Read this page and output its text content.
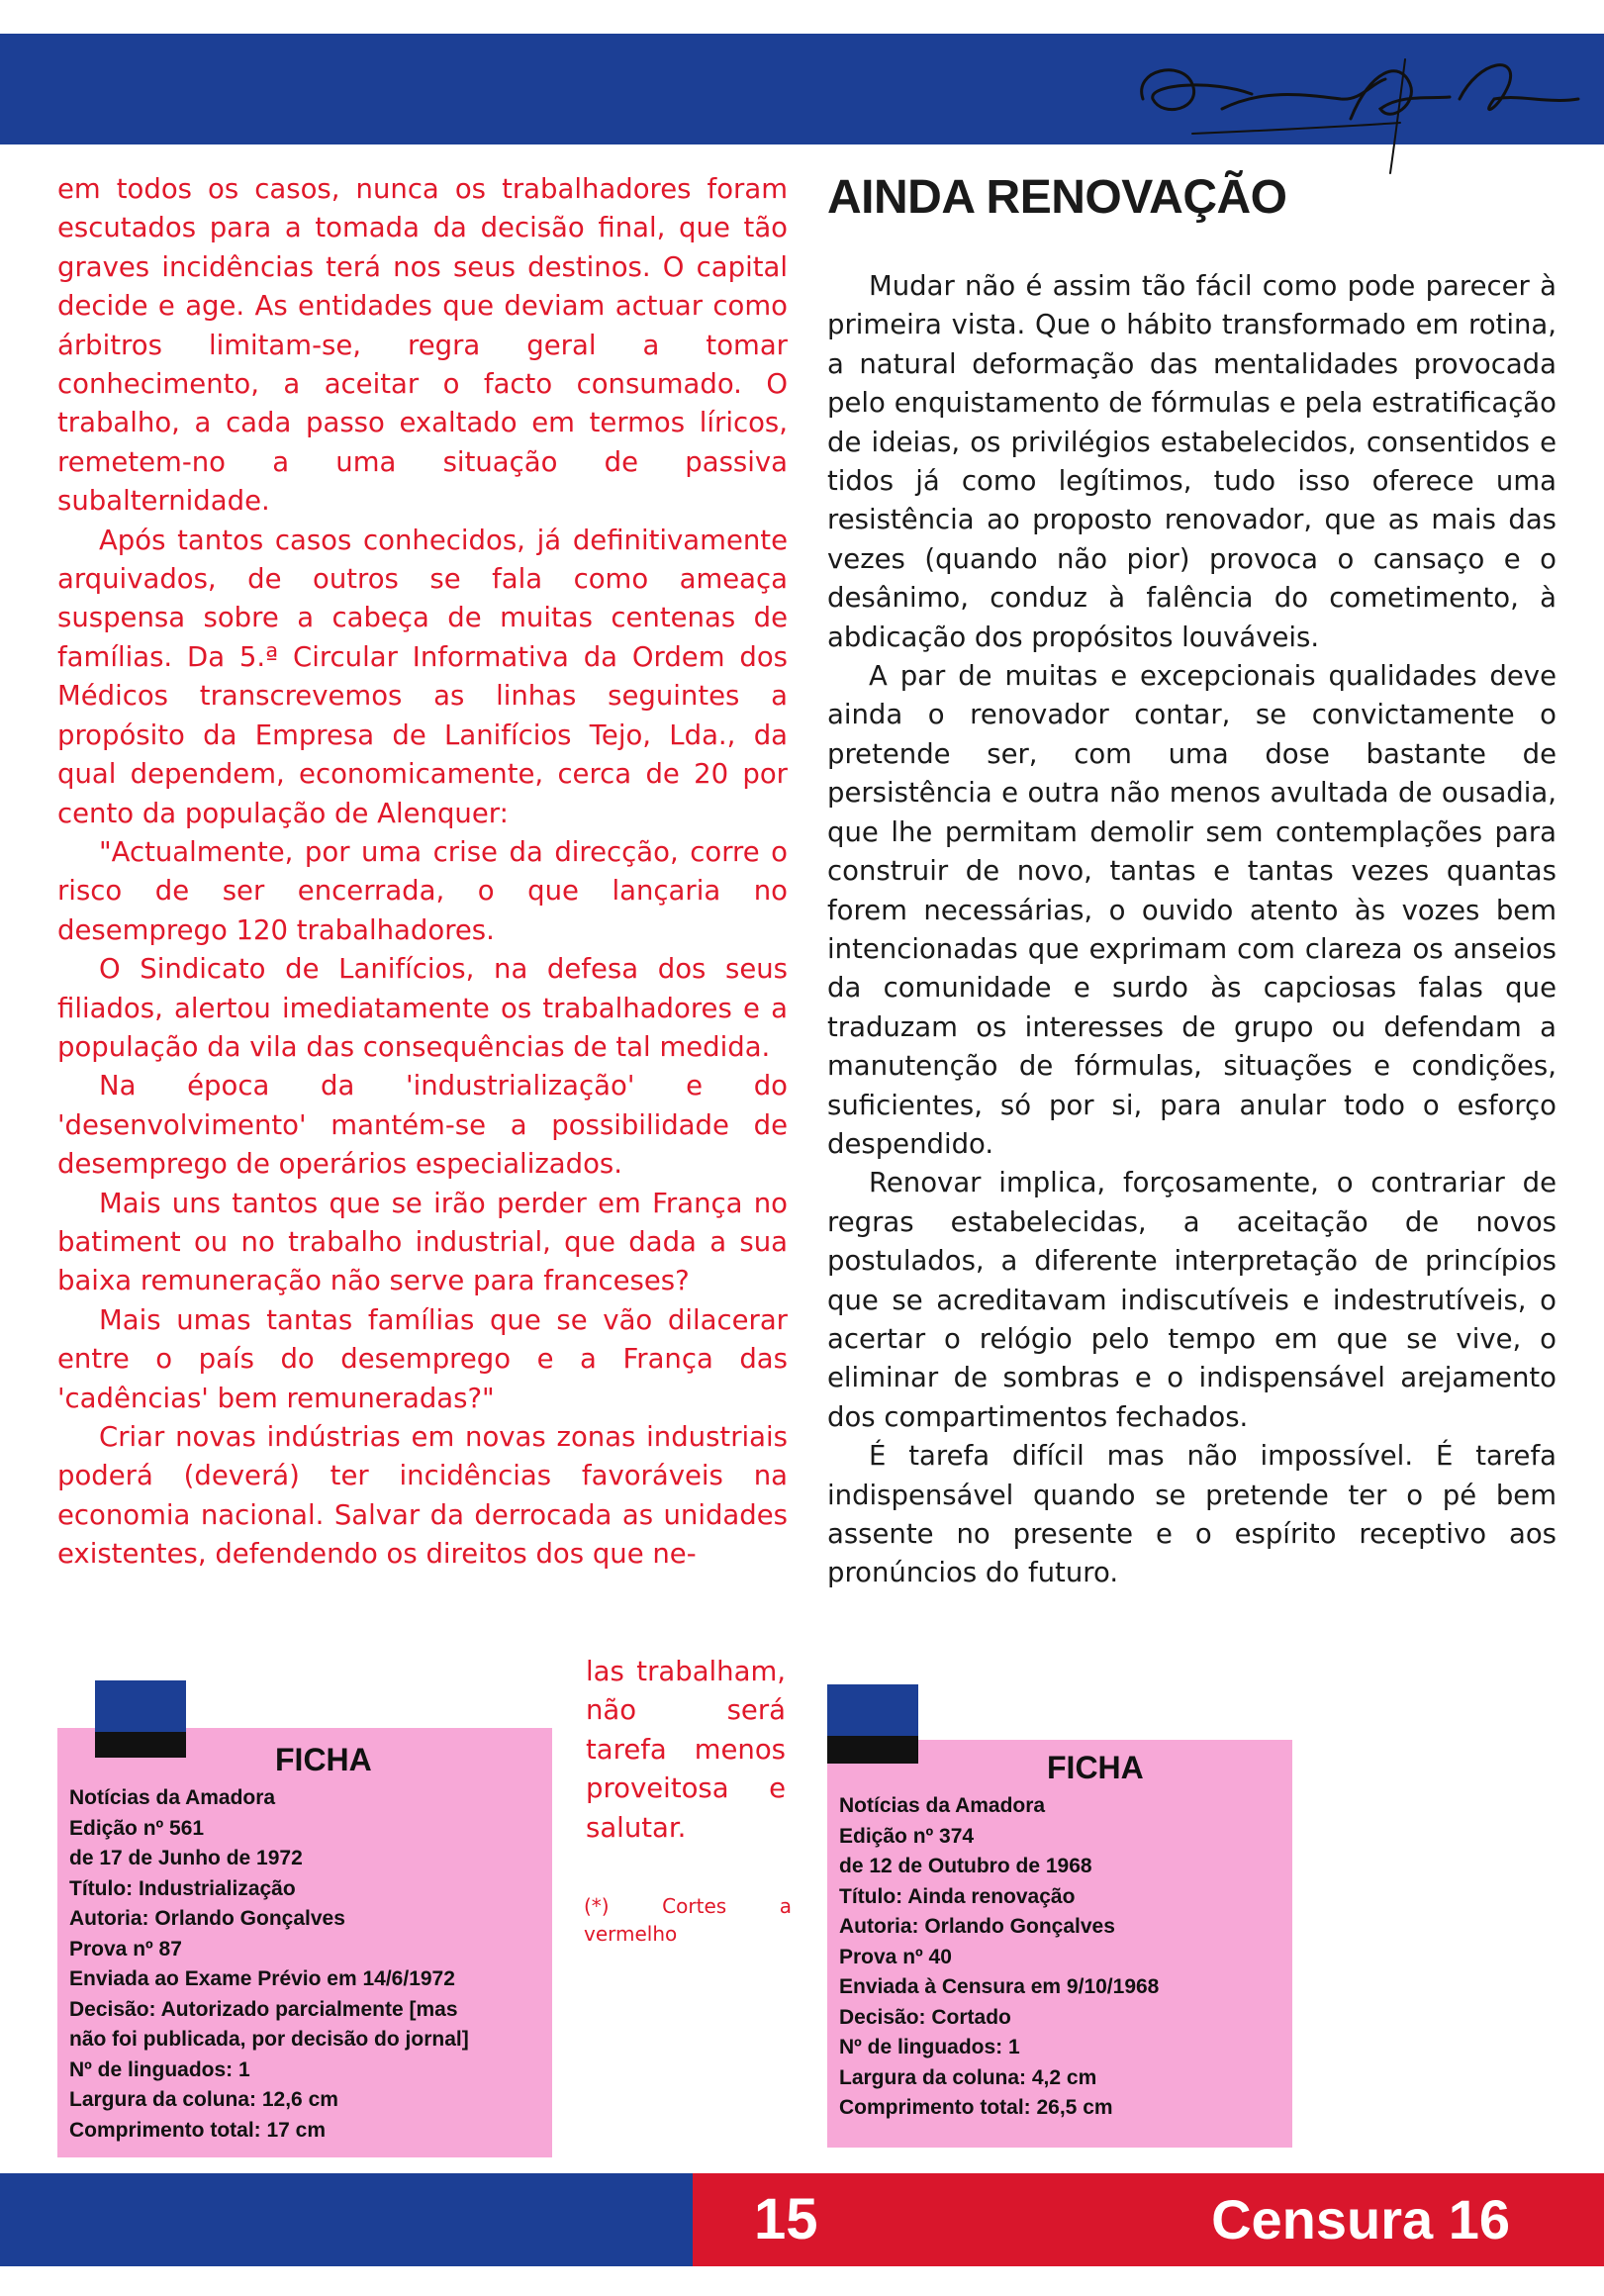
em todos os casos, nunca os trabalhadores foram escutados para a tomada da decisão final, que tão graves incidências terá nos seus destinos. O capital decide e age. As entidades que deviam actuar como árbitros limitam-se, regra geral a tomar conhecimento, a aceitar o facto consumado. O trabalho, a cada passo exaltado em termos líricos, remetem-no a uma situação de passiva subalternidade.

Após tantos casos conhecidos, já definitivamente arquivados, de outros se fala como ameaça suspensa sobre a cabeça de muitas centenas de famílias. Da 5.ª Circular Informativa da Ordem dos Médicos transcrevemos as linhas seguintes a propósito da Empresa de Lanifícios Tejo, Lda., da qual dependem, economicamente, cerca de 20 por cento da população de Alenquer:

"Actualmente, por uma crise da direcção, corre o risco de ser encerrada, o que lançaria no desemprego 120 trabalhadores.

O Sindicato de Lanifícios, na defesa dos seus filiados, alertou imediatamente os trabalhadores e a população da vila das consequências de tal medida.

Na época da 'industrialização' e do 'desenvolvimento' mantém-se a possibilidade de desemprego de operários especializados.

Mais uns tantos que se irão perder em França no batiment ou no trabalho industrial, que dada a sua baixa remuneração não serve para franceses?

Mais umas tantas famílias que se vão dilacerar entre o país do desemprego e a França das 'cadências' bem remuneradas?"

Criar novas indústrias em novas zonas industriais poderá (deverá) ter incidências favoráveis na economia nacional. Salvar da derrocada as unidades existentes, defendendo os direitos dos que ne-

las trabalham, não será tarefa menos proveitosa e salutar.
(*) Cortes a vermelho
FICHA
Notícias da Amadora
Edição nº 561
de 17 de Junho de 1972
Título: Industrialização
Autoria: Orlando Gonçalves
Prova nº 87
Enviada ao Exame Prévio em 14/6/1972
Decisão: Autorizado parcialmente [mas
não foi publicada, por decisão do jornal]
Nº de linguados: 1
Largura da coluna: 12,6 cm
Comprimento total: 17 cm
AINDA RENOVAÇÃO

Mudar não é assim tão fácil como pode parecer à primeira vista. Que o hábito transformado em rotina, a natural deformação das mentalidades provocada pelo enquistamento de fórmulas e pela estratificação de ideias, os privilégios estabelecidos, consentidos e tidos já como legítimos, tudo isso oferece uma resistência ao proposto renovador, que as mais das vezes (quando não pior) provoca o cansaço e o desânimo, conduz à falência do cometimento, à abdicação dos propósitos louváveis.

A par de muitas e excepcionais qualidades deve ainda o renovador contar, se convictamente o pretende ser, com uma dose bastante de persistência e outra não menos avultada de ousadia, que lhe permitam demolir sem contemplações para construir de novo, tantas e tantas vezes quantas forem necessárias, o ouvido atento às vozes bem intencionadas que exprimam com clareza os anseios da comunidade e surdo às capciosas falas que traduzam os interesses de grupo ou defendam a manutenção de fórmulas, situações e condições, suficientes, só por si, para anular todo o esforço despendido.

Renovar implica, forçosamente, o contrariar de regras estabelecidas, a aceitação de novos postulados, a diferente interpretação de princípios que se acreditavam indiscutíveis e indestrutíveis, o acertar o relógio pelo tempo em que se vive, o eliminar de sombras e o indispensável arejamento dos compartimentos fechados.

É tarefa difícil mas não impossível. É tarefa indispensável quando se pretende ter o pé bem assente no presente e o espírito receptivo aos pronúncios do futuro.

FICHA
Notícias da Amadora
Edição nº 374
de 12 de Outubro de 1968
Título: Ainda renovação
Autoria: Orlando Gonçalves
Prova nº 40
Enviada à Censura em 9/10/1968
Decisão: Cortado
Nº de linguados: 1
Largura da coluna: 4,2 cm
Comprimento total: 26,5 cm
15	Censura 16
